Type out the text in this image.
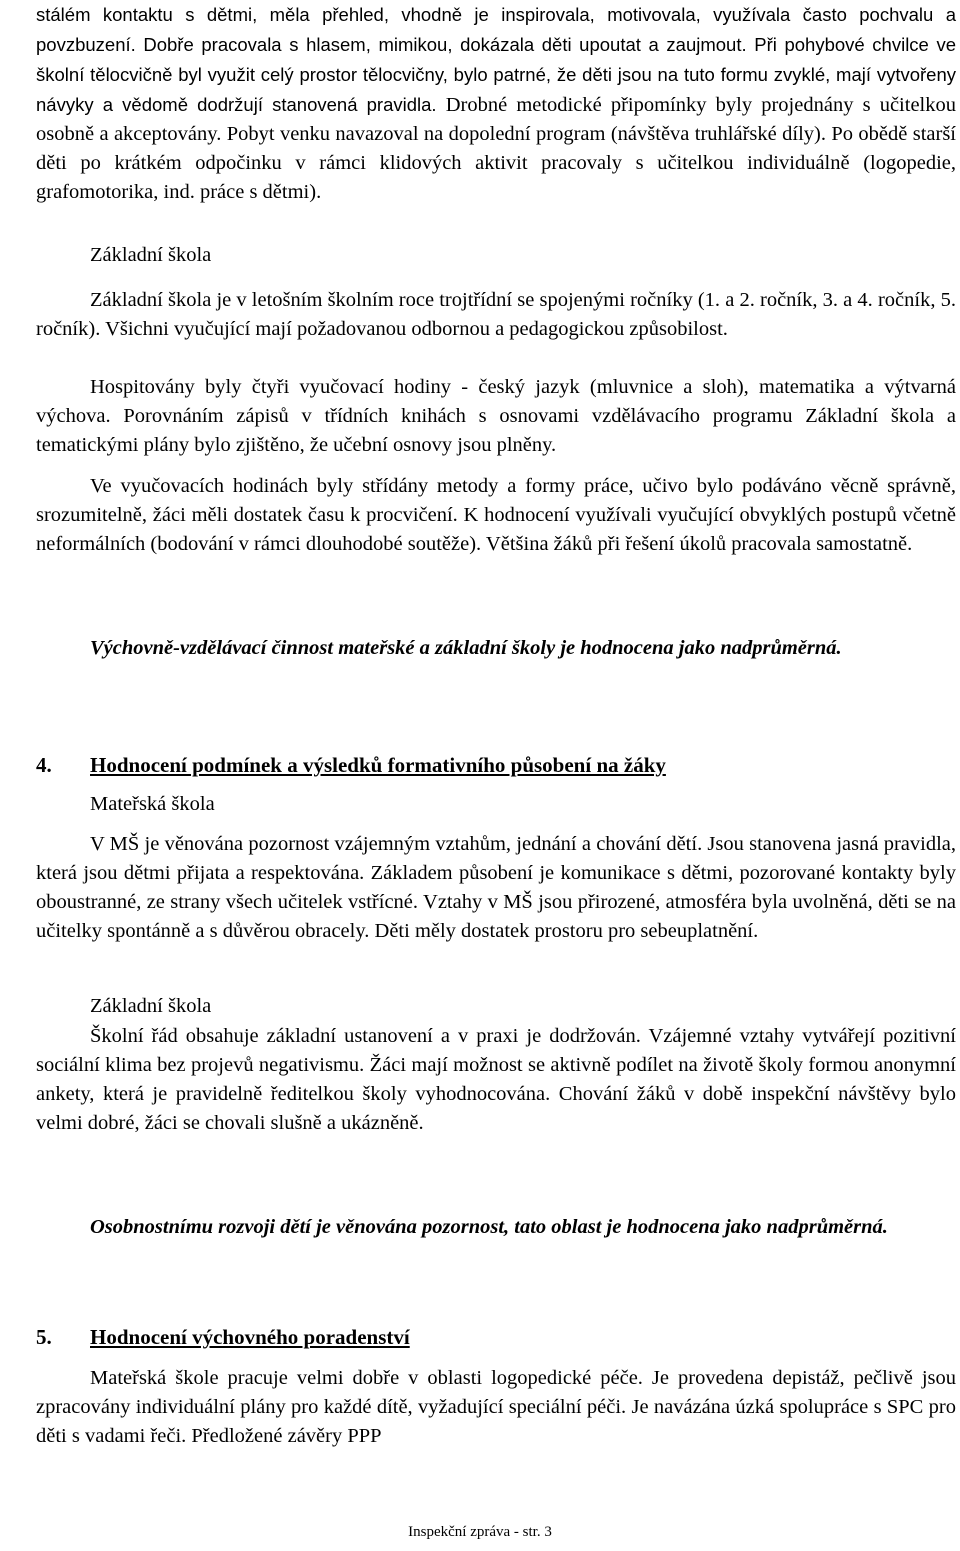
stálém kontaktu s dětmi, měla přehled, vhodně je inspirovala, motivovala, využívala často pochvalu a povzbuzení. Dobře pracovala s hlasem, mimikou, dokázala děti upoutat a zaujmout. Při pohybové chvilce ve školní tělocvičně byl využit celý prostor tělocvičny, bylo patrné, že děti jsou na tuto formu zvyklé, mají vytvořeny návyky a vědomě dodržují stanovená pravidla. Drobné metodické připomínky byly projednány s učitelkou osobně a akceptovány. Pobyt venku navazoval na dopolední program (návštěva truhlářské díly). Po obědě starší děti po krátkém odpočinku v rámci klidových aktivit pracovaly s učitelkou individuálně (logopedie, grafomotorika, ind. práce s dětmi).

Základní škola

Základní škola je v letošním školním roce trojtřídní se spojenými ročníky (1. a 2. ročník, 3. a 4. ročník, 5. ročník). Všichni vyučující mají požadovanou odbornou a pedagogickou způsobilost.

Hospitovány byly čtyři vyučovací hodiny - český jazyk (mluvnice a sloh), matematika a výtvarná výchova. Porovnáním zápisů v třídních knihách s osnovami vzdělávacího programu Základní škola a tematickými plány bylo zjištěno, že učební osnovy jsou plněny.

Ve vyučovacích hodinách byly střídány metody a formy práce, učivo bylo podáváno věcně správně, srozumitelně, žáci měli dostatek času k procvičení. K hodnocení využívali vyučující obvyklých postupů včetně neformálních (bodování v rámci dlouhodobé soutěže). Většina žáků při řešení úkolů pracovala samostatně.

Výchovně-vzdělávací činnost mateřské a základní školy je hodnocena jako nadprůměrná.

4.	Hodnocení podmínek a výsledků formativního působení na žáky

Mateřská škola

V MŠ je věnována pozornost vzájemným vztahům, jednání a chování dětí. Jsou stanovena jasná pravidla, která jsou dětmi přijata a respektována. Základem působení je komunikace s dětmi, pozorované kontakty byly oboustranné, ze strany všech učitelek vstřícné. Vztahy v MŠ jsou přirozené, atmosféra byla uvolněná, děti se na učitelky spontánně a s důvěrou obracely. Děti měly dostatek prostoru pro sebeuplatnění.

Základní škola

Školní řád obsahuje základní ustanovení a v praxi je dodržován. Vzájemné vztahy vytvářejí pozitivní sociální klima bez projevů negativismu. Žáci mají možnost se aktivně podílet na životě školy formou anonymní ankety, která je pravidelně ředitelkou školy vyhodnocována. Chování žáků v době inspekční návštěvy bylo velmi dobré, žáci se chovali slušně a ukázněně.

Osobnostnímu rozvoji dětí je věnována pozornost, tato oblast je hodnocena jako nadprůměrná.

5.	Hodnocení výchovného poradenství

Mateřská škole pracuje velmi dobře v oblasti logopedické péče. Je provedena depistáž, pečlivě jsou zpracovány individuální plány pro každé dítě, vyžadující speciální péči. Je navázána úzká spolupráce s SPC pro děti s vadami řeči. Předložené závěry PPP

Inspekční zpráva - str. 3
